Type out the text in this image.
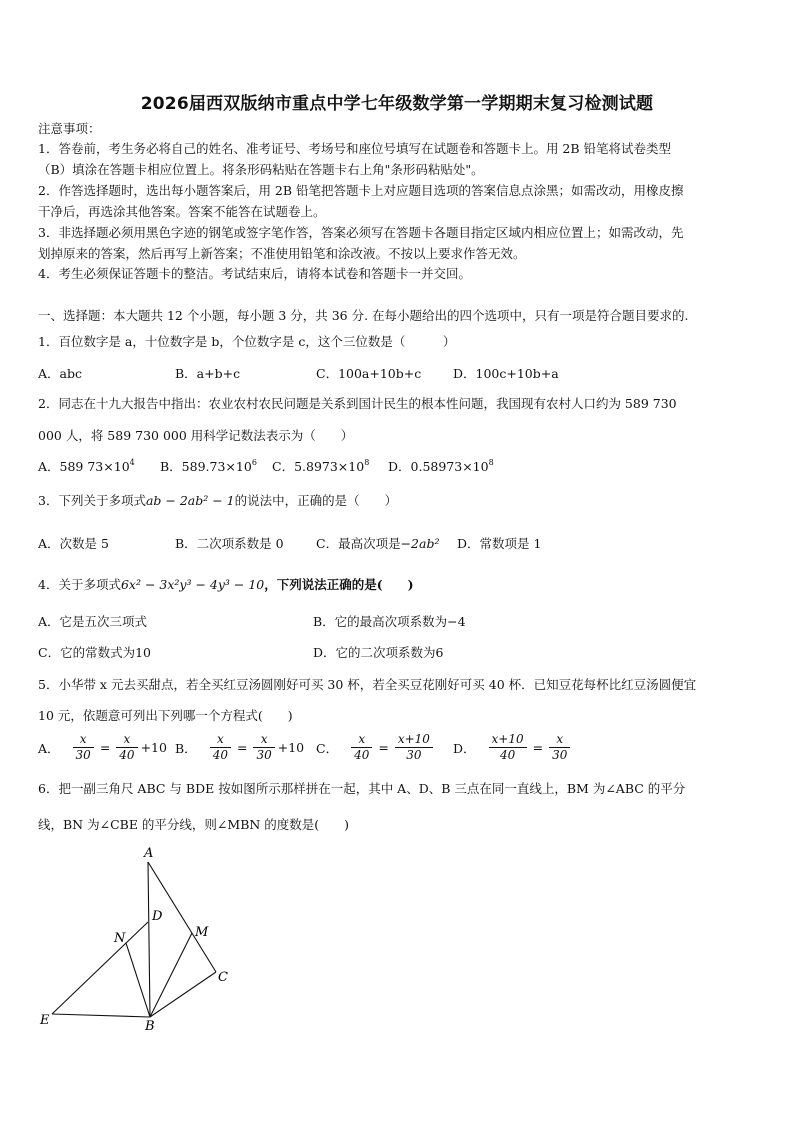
2026届西双版纳市重点中学七年级数学第一学期期末复习检测试题
注意事项：
1．答卷前，考生务必将自己的姓名、准考证号、考场号和座位号填写在试题卷和答题卡上。用 2B 铅笔将试卷类型
（B）填涂在答题卡相应位置上。将条形码粘贴在答题卡右上角"条形码粘贴处"。
2．作答选择题时，选出每小题答案后，用 2B 铅笔把答题卡上对应题目选项的答案信息点涂黑；如需改动，用橡皮擦
干净后，再选涂其他答案。答案不能答在试题卷上。
3．非选择题必须用黑色字迹的钢笔或签字笔作答，答案必须写在答题卡各题目指定区域内相应位置上；如需改动，先
划掉原来的答案，然后再写上新答案；不准使用铅笔和涂改液。不按以上要求作答无效。
4．考生必须保证答题卡的整洁。考试结束后，请将本试卷和答题卡一并交回。
一、选择题：本大题共 12 个小题，每小题 3 分，共 36 分. 在每小题给出的四个选项中，只有一项是符合题目要求的.
1．百位数字是 a，十位数字是 b，个位数字是 c，这个三位数是（　　　）
A．abc	B．a+b+c	C．100a+10b+c	D．100c+10b+a
2．同志在十九大报告中指出：农业农村农民问题是关系到国计民生的根本性问题，我国现有农村人口约为 589 730
000 人，将 589 730 000 用科学记数法表示为（　　）
A．589 $73\times 10^4$ B．$589.73\times 10^6$ C．$5.8973\times 10^8$ D．$0.58973\times 10^8$
3．下列关于多项式ab − 2ab² − 1的说法中，正确的是（　　）
A．次数是 5	B．二次项系数是 0	C．最高次项是−2ab² D．常数项是 1
4．关于多项式6x² − 3x²y³ − 4y³ − 10，下列说法正确的是(　　)
A．它是五次三项式	B．它的最高次项系数为−4
C．它的常数式为10	D．它的二次项系数为6
5．小华带 x 元去买甜点，若全买红豆汤圆刚好可买 30 杯，若全买豆花刚好可买 40 杯．已知豆花每杯比红豆汤圆便宜
10 元，依题意可列出下列哪一个方程式(　　)
A． $\frac{x}{30} = \frac{x}{40} +10$ B． $\frac{x}{40} = \frac{x}{30} +10$ C． $\frac{x}{40} = \frac{x+10}{30}$ D． $\frac{x+10}{40} = \frac{x}{30}$
6．把一副三角尺 ABC 与 BDE 按如图所示那样拼在一起，其中 A、D、B 三点在同一直线上，BM 为∠ABC 的平分
线，BN 为∠CBE 的平分线，则∠MBN 的度数是(　　)
A
D
N	M
C
E	B
